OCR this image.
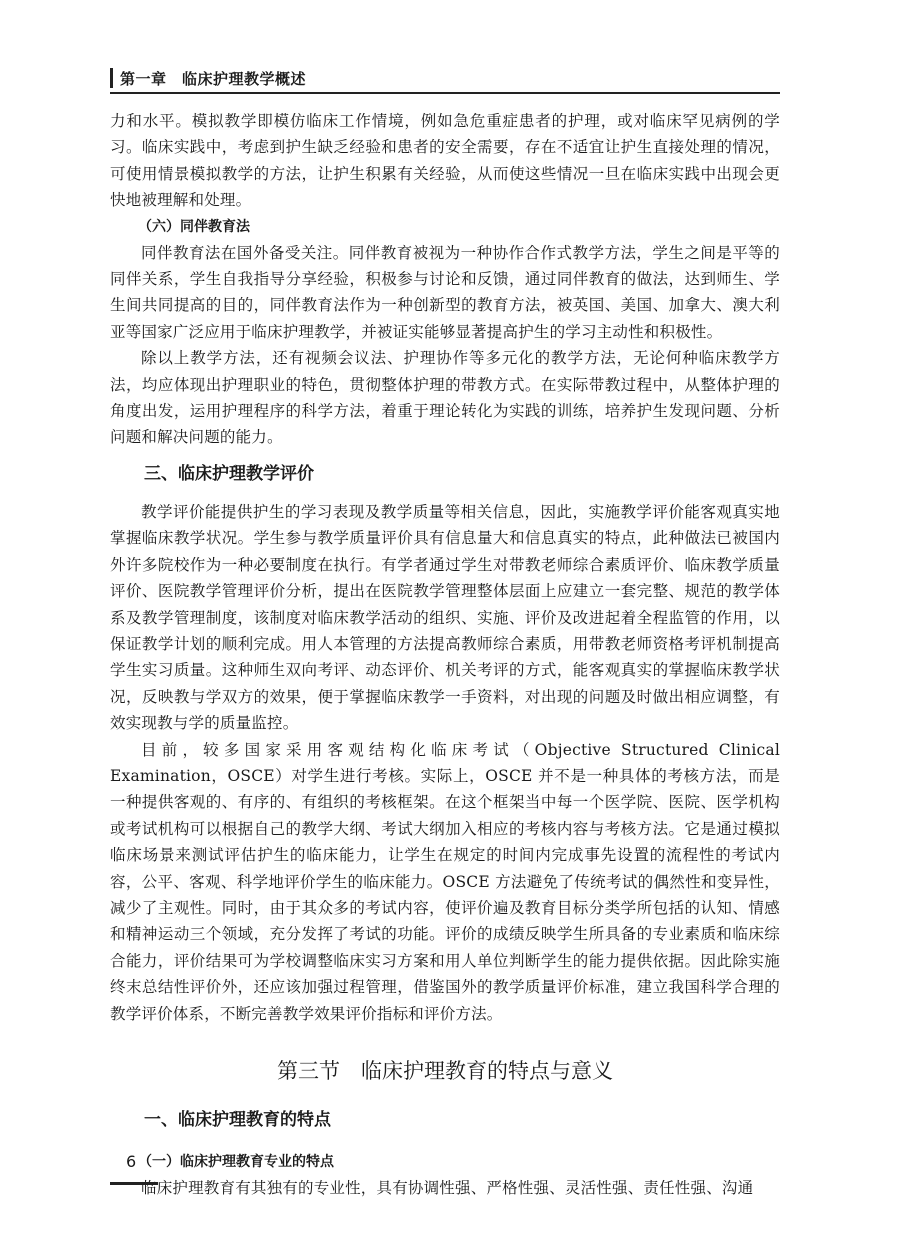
第一章　临床护理教学概述

力和水平。模拟教学即模仿临床工作情境，例如急危重症患者的护理，或对临床罕见病例的学习。临床实践中，考虑到护生缺乏经验和患者的安全需要，存在不适宜让护生直接处理的情况，可使用情景模拟教学的方法，让护生积累有关经验，从而使这些情况一旦在临床实践中出现会更快地被理解和处理。

（六）同伴教育法

同伴教育法在国外备受关注。同伴教育被视为一种协作合作式教学方法，学生之间是平等的同伴关系，学生自我指导分享经验，积极参与讨论和反馈，通过同伴教育的做法，达到师生、学生间共同提高的目的，同伴教育法作为一种创新型的教育方法，被英国、美国、加拿大、澳大利亚等国家广泛应用于临床护理教学，并被证实能够显著提高护生的学习主动性和积极性。

除以上教学方法，还有视频会议法、护理协作等多元化的教学方法，无论何种临床教学方法，均应体现出护理职业的特色，贯彻整体护理的带教方式。在实际带教过程中，从整体护理的角度出发，运用护理程序的科学方法，着重于理论转化为实践的训练，培养护生发现问题、分析问题和解决问题的能力。

三、临床护理教学评价

教学评价能提供护生的学习表现及教学质量等相关信息，因此，实施教学评价能客观真实地掌握临床教学状况。学生参与教学质量评价具有信息量大和信息真实的特点，此种做法已被国内外许多院校作为一种必要制度在执行。有学者通过学生对带教老师综合素质评价、临床教学质量评价、医院教学管理评价分析，提出在医院教学管理整体层面上应建立一套完整、规范的教学体系及教学管理制度，该制度对临床教学活动的组织、实施、评价及改进起着全程监管的作用，以保证教学计划的顺利完成。用人本管理的方法提高教师综合素质，用带教老师资格考评机制提高学生实习质量。这种师生双向考评、动态评价、机关考评的方式，能客观真实的掌握临床教学状况，反映教与学双方的效果，便于掌握临床教学一手资料，对出现的问题及时做出相应调整，有效实现教与学的质量监控。

目前，较多国家采用客观结构化临床考试（Objective Structured Clinical Examination，OSCE）对学生进行考核。实际上，OSCE 并不是一种具体的考核方法，而是一种提供客观的、有序的、有组织的考核框架。在这个框架当中每一个医学院、医院、医学机构或考试机构可以根据自己的教学大纲、考试大纲加入相应的考核内容与考核方法。它是通过模拟临床场景来测试评估护生的临床能力，让学生在规定的时间内完成事先设置的流程性的考试内容，公平、客观、科学地评价学生的临床能力。OSCE 方法避免了传统考试的偶然性和变异性，减少了主观性。同时，由于其众多的考试内容，使评价遍及教育目标分类学所包括的认知、情感和精神运动三个领域，充分发挥了考试的功能。评价的成绩反映学生所具备的专业素质和临床综合能力，评价结果可为学校调整临床实习方案和用人单位判断学生的能力提供依据。因此除实施终末总结性评价外，还应该加强过程管理，借鉴国外的教学质量评价标准，建立我国科学合理的教学评价体系，不断完善教学效果评价指标和评价方法。

第三节　临床护理教育的特点与意义
一、临床护理教育的特点
（一）临床护理教育专业的特点

临床护理教育有其独有的专业性，具有协调性强、严格性强、灵活性强、责任性强、沟通

6
